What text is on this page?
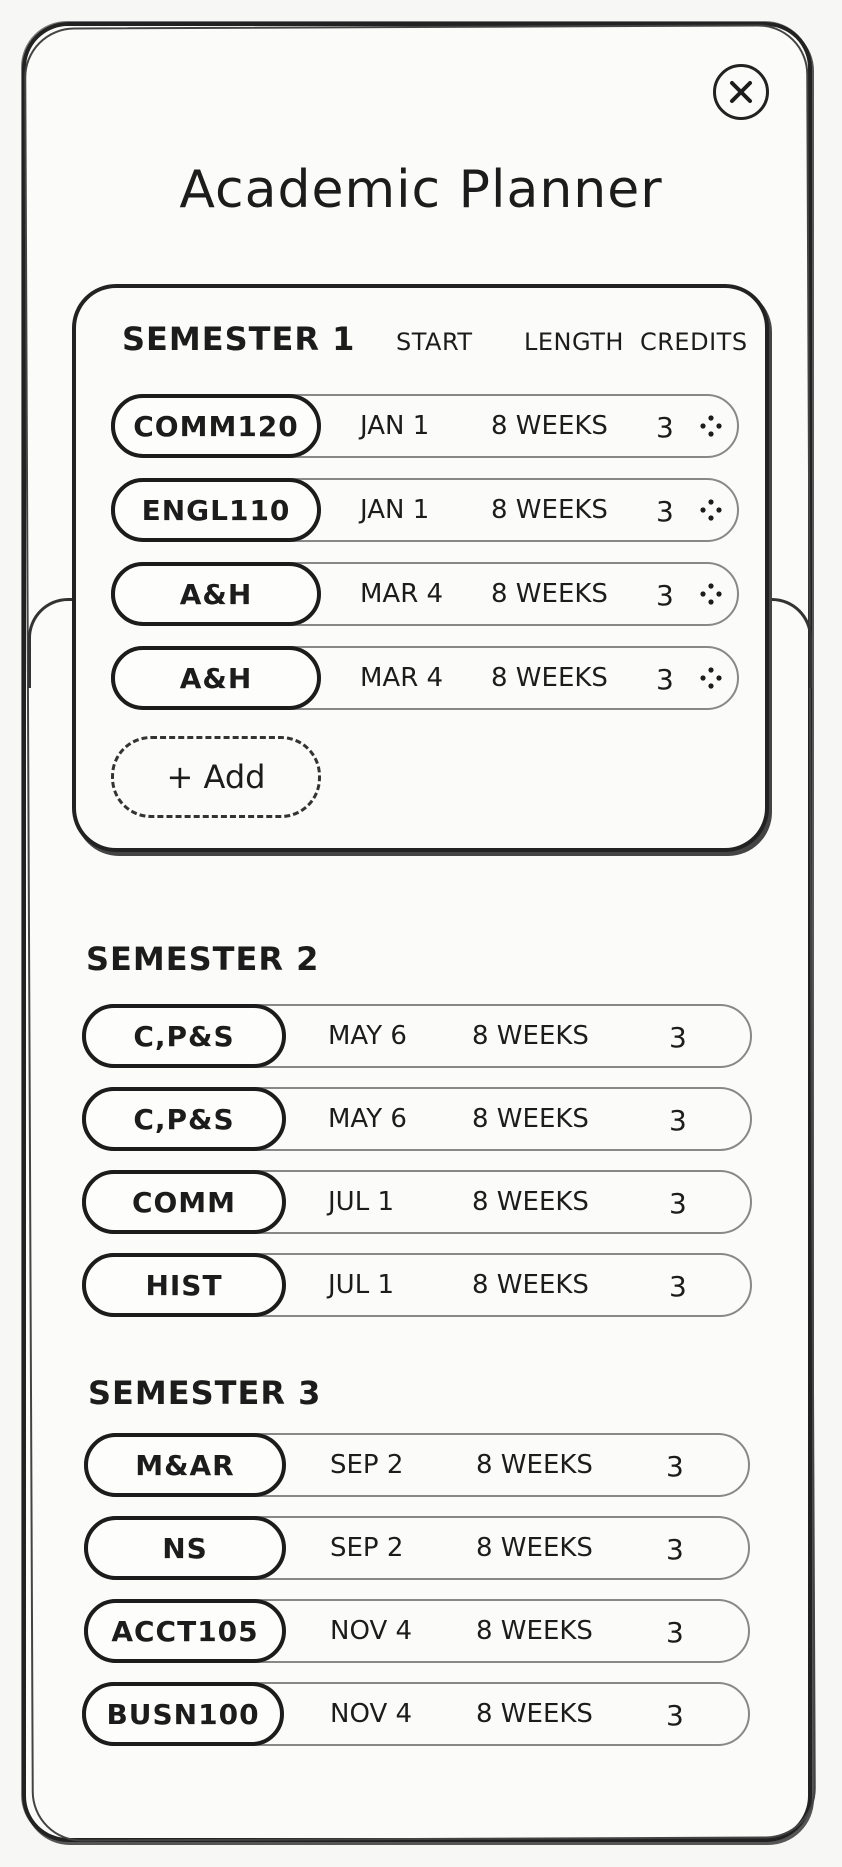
Academic Planner
SEMESTER 1 START LENGTH CREDITS
COMM120	JAN 1 8 WEEKS 3
ENGL110	JAN 1 8 WEEKS 3
A&H	MAR 4 8 WEEKS 3
A&H	MAR 4 8 WEEKS 3
+ Add
SEMESTER 2
C,P&S	MAY 6	8 WEEKS	3
C,P&S	MAY 6	8 WEEKS	3
COMM	JUL 1	8 WEEKS	3
HIST	JUL 1	8 WEEKS	3
SEMESTER 3
M&AR	SEP 2	8 WEEKS	3
NS	SEP 2	8 WEEKS	3
ACCT105	NOV 4 8 WEEKS	3
BUSN100	NOV 4 8 WEEKS	3
